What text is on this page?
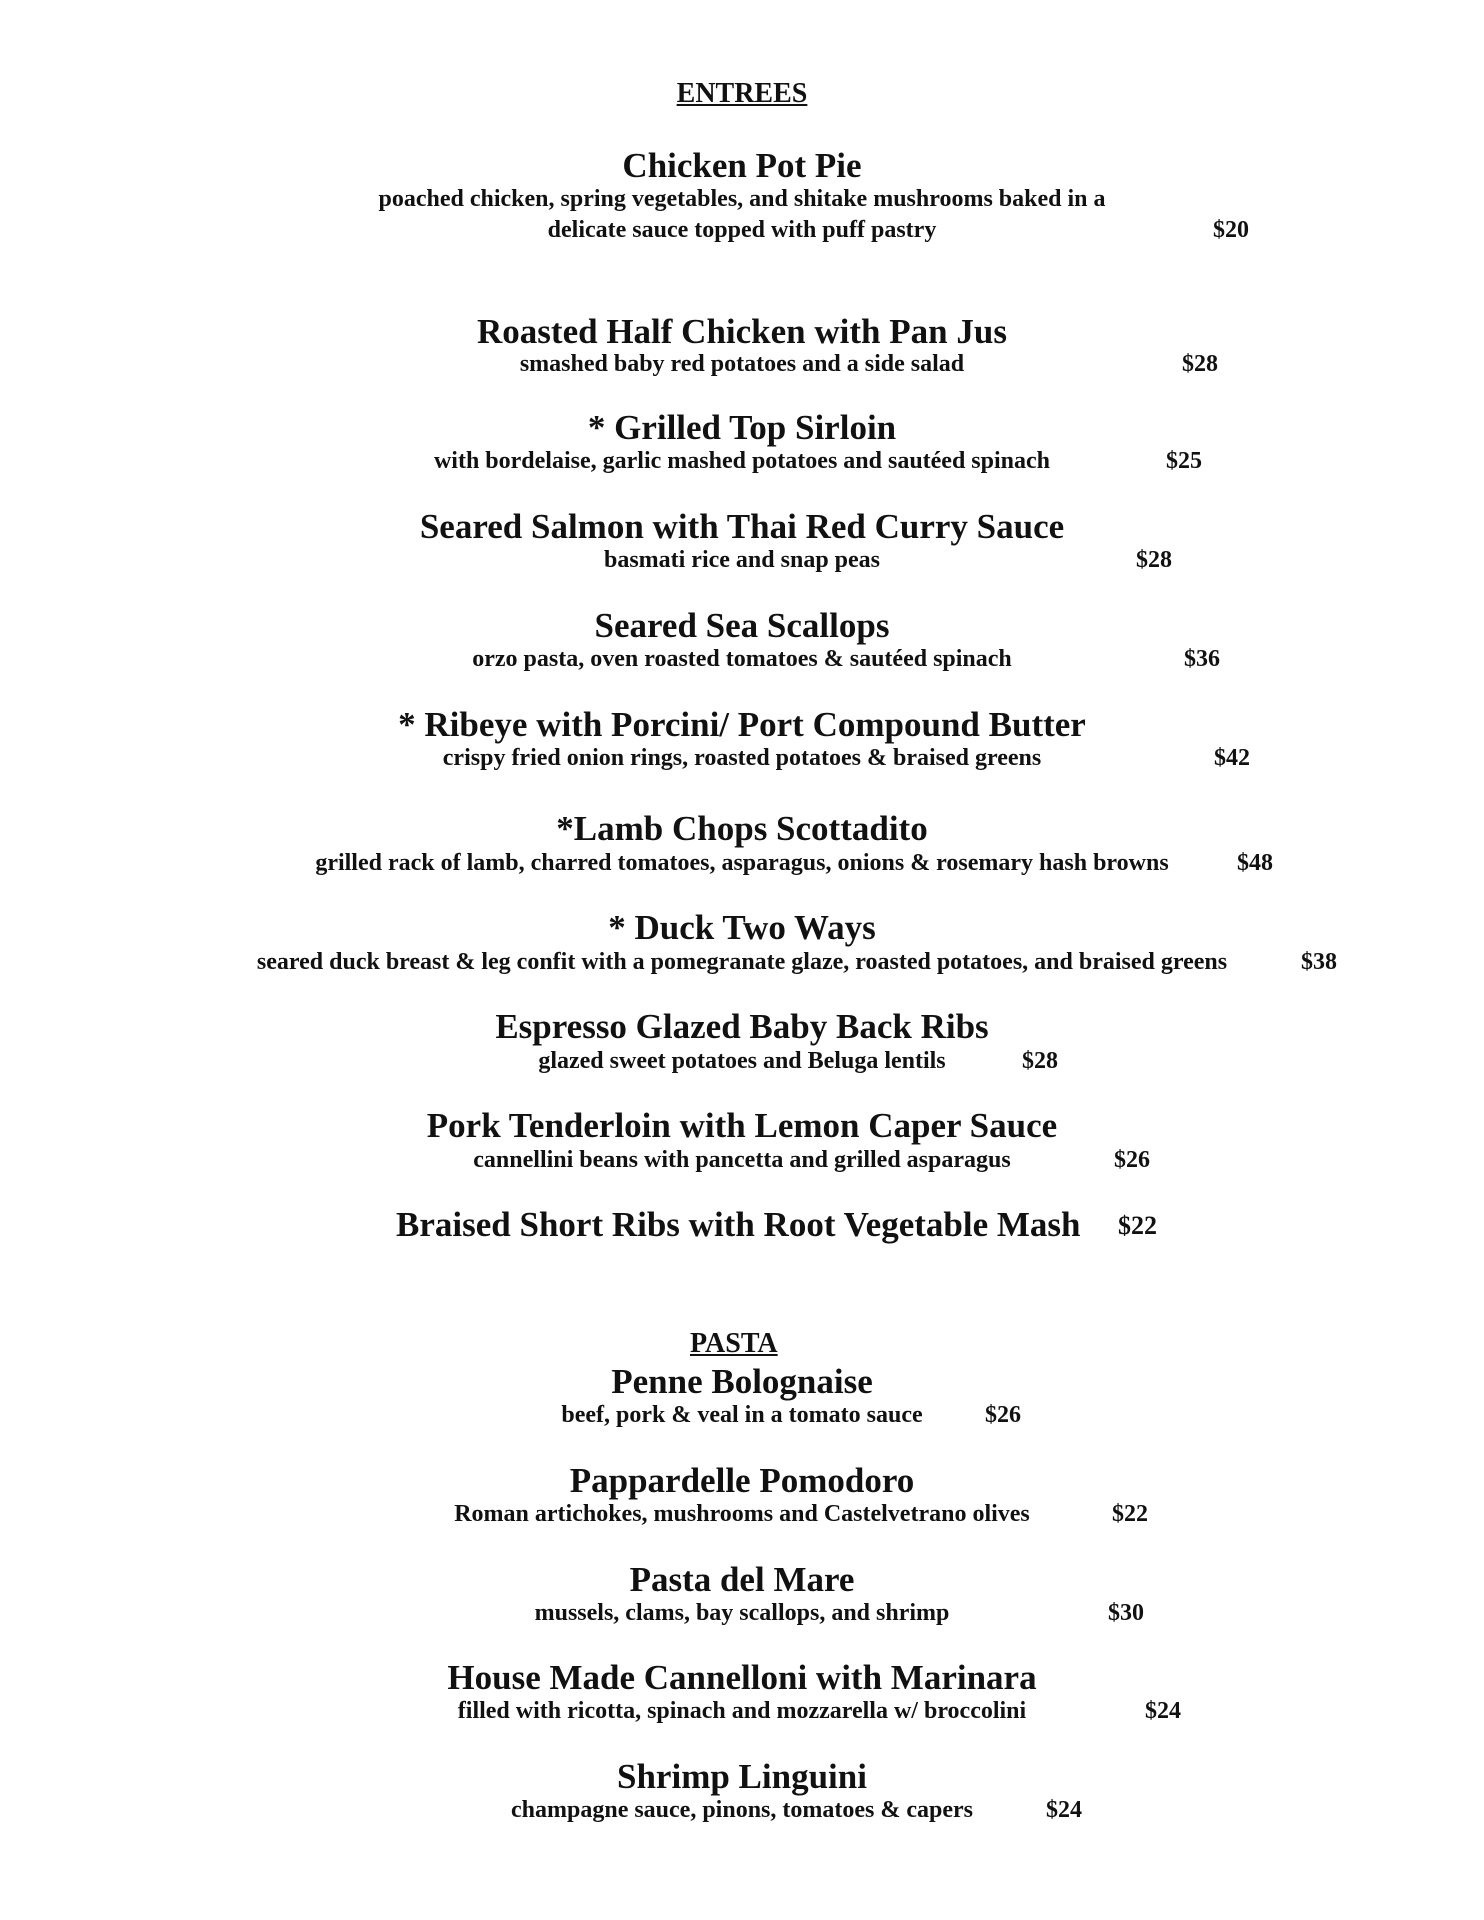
ENTREES
Chicken Pot Pie
poached chicken, spring vegetables, and shitake mushrooms baked in a
delicate sauce topped with puff pastry	$20
Roasted Half Chicken with Pan Jus
smashed baby red potatoes and a side salad	$28
* Grilled Top Sirloin
with bordelaise, garlic mashed potatoes and sautéed spinach	$25
Seared Salmon with Thai Red Curry Sauce
basmati rice and snap peas	$28
Seared Sea Scallops
orzo pasta, oven roasted tomatoes & sautéed spinach	$36
* Ribeye with Porcini/ Port Compound Butter
crispy fried onion rings, roasted potatoes & braised greens	$42
*Lamb Chops Scottadito
grilled rack of lamb, charred tomatoes, asparagus, onions & rosemary hash browns	$48
* Duck Two Ways
seared duck breast & leg confit with a pomegranate glaze, roasted potatoes, and braised greens	$38
Espresso Glazed Baby Back Ribs
glazed sweet potatoes and Beluga lentils	$28
Pork Tenderloin with Lemon Caper Sauce
cannellini beans with pancetta and grilled asparagus	$26
Braised Short Ribs with Root Vegetable Mash $22
PASTA
Penne Bolognaise
beef, pork & veal in a tomato sauce	$26
Pappardelle Pomodoro
Roman artichokes, mushrooms and Castelvetrano olives	$22
Pasta del Mare
mussels, clams, bay scallops, and shrimp	$30
House Made Cannelloni with Marinara
filled with ricotta, spinach and mozzarella w/ broccolini	$24
Shrimp Linguini
champagne sauce, pinons, tomatoes & capers	$24
